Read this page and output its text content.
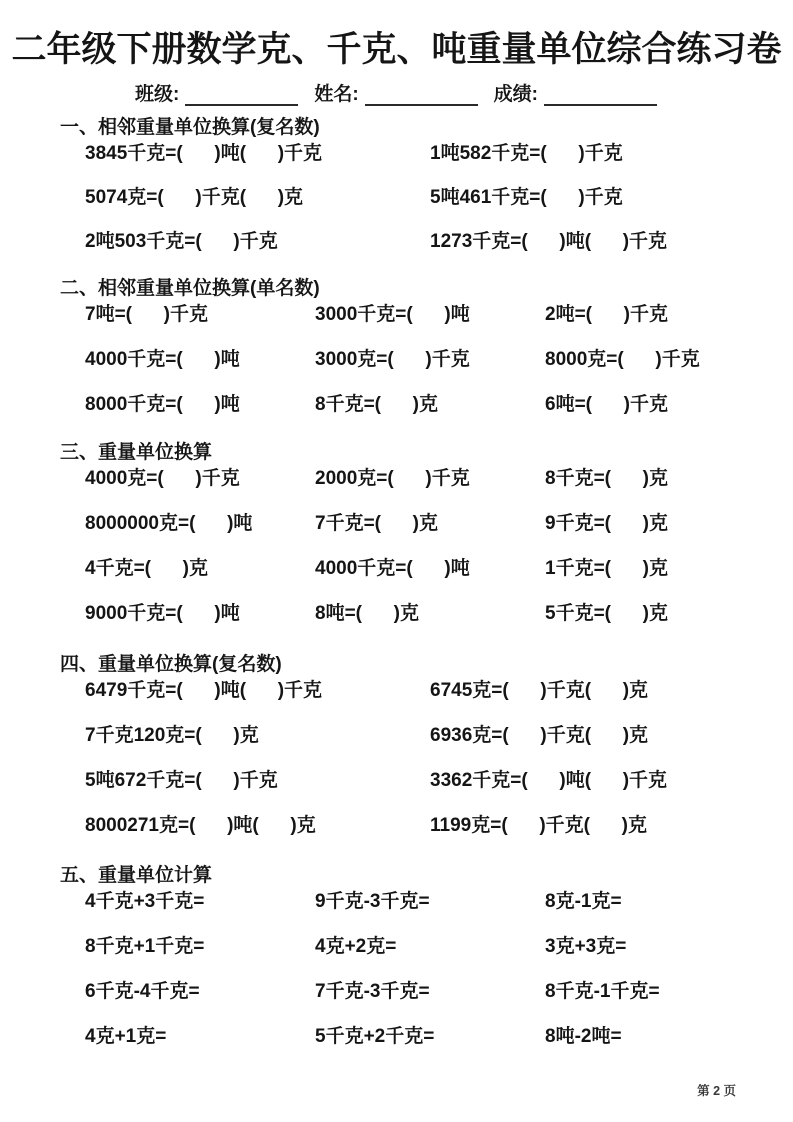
二年级下册数学克、千克、吨重量单位综合练习卷
班级:	姓名:	成绩:
一、相邻重量单位换算(复名数)
3845千克=(      )吨(      )千克	1吨582千克=(      )千克
5074克=(      )千克(      )克	5吨461千克=(      )千克
2吨503千克=(      )千克	1273千克=(      )吨(      )千克
二、相邻重量单位换算(单名数)
7吨=(      )千克	3000千克=(      )吨	2吨=(      )千克
4000千克=(      )吨	3000克=(      )千克	8000克=(      )千克
8000千克=(      )吨	8千克=(      )克	6吨=(      )千克
三、重量单位换算
4000克=(      )千克	2000克=(      )千克	8千克=(      )克
8000000克=(      )吨	7千克=(      )克	9千克=(      )克
4千克=(      )克	4000千克=(      )吨	1千克=(      )克
9000千克=(      )吨	8吨=(      )克	5千克=(      )克
四、重量单位换算(复名数)
6479千克=(      )吨(      )千克	6745克=(      )千克(      )克
7千克120克=(      )克	6936克=(      )千克(      )克
5吨672千克=(      )千克	3362千克=(      )吨(      )千克
8000271克=(      )吨(      )克	1199克=(      )千克(      )克
五、重量单位计算
4千克+3千克=	9千克-3千克=	8克-1克=
8千克+1千克=	4克+2克=	3克+3克=
6千克-4千克=	7千克-3千克=	8千克-1千克=
4克+1克=	5千克+2千克=	8吨-2吨=
第 2 页
